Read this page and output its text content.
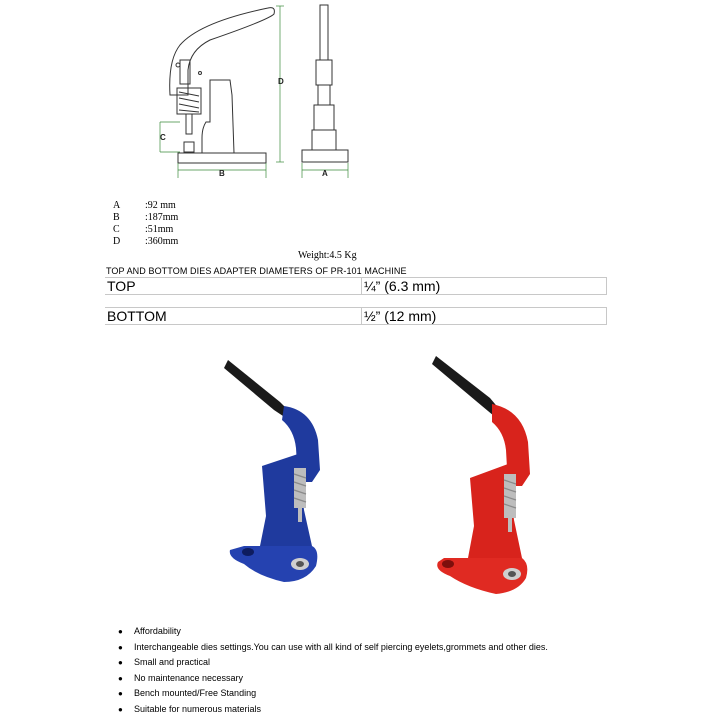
D
C
B	A
A :92 mm
B	:187mm
C	:51mm
D :360mm
Weight:4.5 Kg
TOP AND BOTTOM DIES ADAPTER DIAMETERS OF PR-101 MACHINE
TOP	¼” (6.3 mm)

BOTTOM	½” (12 mm)
● Affordability
● Interchangeable dies settings.You can use with all kind of self piercing eyelets,grommets and other dies.
● Small and practical
● No maintenance necessary
● Bench mounted/Free Standing
● Suitable for numerous materials
